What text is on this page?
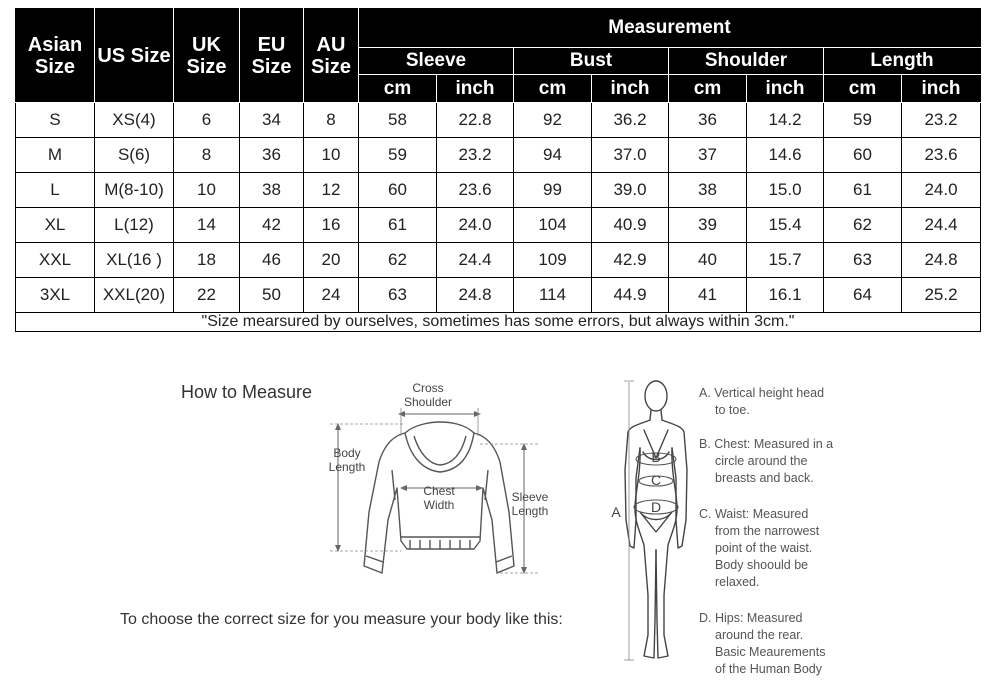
Asian Size	US Size	UK Size	EU Size	AU Size	Measurement							
					Sleeve		Bust		Shoulder		Length	
					cm	inch	cm	inch	cm	inch	cm	inch
S	XS(4)	6	34	8	58	22.8	92	36.2	36	14.2	59	23.2
M	S(6)	8	36	10	59	23.2	94	37.0	37	14.6	60	23.6
L	M(8-10)	10	38	12	60	23.6	99	39.0	38	15.0	61	24.0
XL	L(12)	14	42	16	61	24.0	104	40.9	39	15.4	62	24.4
XXL	XL(16 )	18	46	20	62	24.4	109	42.9	40	15.7	63	24.8
3XL	XXL(20)	22	50	24	63	24.8	114	44.9	41	16.1	64	25.2
"Size mearsured by ourselves, sometimes has some errors, but always within 3cm."												
How to Measure
To choose the correct size for you measure your body like this:
Cross
Shoulder
Body
Length
Chest
Width
Sleeve
Length
B
C
D
A
A. Vertical height head
to toe.
B. Chest: Measured in a
circle around the
breasts and back.
C. Waist: Measured
from the narrowest
point of the waist.
Body shoould be
relaxed.
D. Hips: Measured
around the rear.
Basic Meaurements
of the Human Body
